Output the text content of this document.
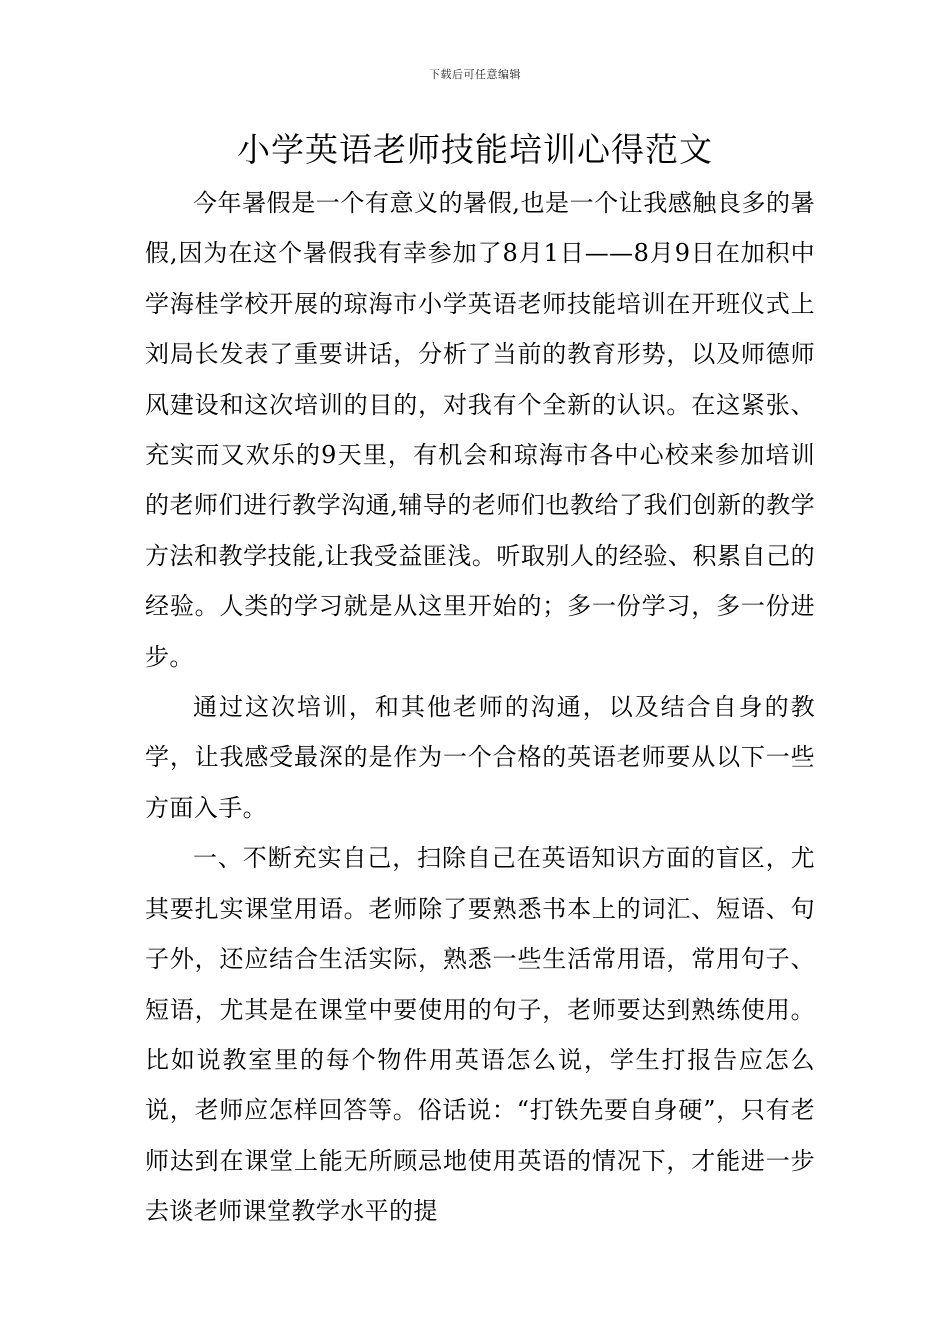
下载后可任意编辑
小学英语老师技能培训心得范文

今年暑假是一个有意义的暑假,也是一个让我感触良多的暑假,因为在这个暑假我有幸参加了8月1日——8月9日在加积中学海桂学校开展的琼海市小学英语老师技能培训在开班仪式上刘局长发表了重要讲话，分析了当前的教育形势，以及师德师风建设和这次培训的目的，对我有个全新的认识。在这紧张、充实而又欢乐的9天里，有机会和琼海市各中心校来参加培训的老师们进行教学沟通,辅导的老师们也教给了我们创新的教学方法和教学技能,让我受益匪浅。听取别人的经验、积累自己的经验。人类的学习就是从这里开始的；多一份学习，多一份进步。

通过这次培训，和其他老师的沟通，以及结合自身的教学，让我感受最深的是作为一个合格的英语老师要从以下一些方面入手。

一、不断充实自己，扫除自己在英语知识方面的盲区，尤其要扎实课堂用语。老师除了要熟悉书本上的词汇、短语、句子外，还应结合生活实际，熟悉一些生活常用语，常用句子、短语，尤其是在课堂中要使用的句子，老师要达到熟练使用。比如说教室里的每个物件用英语怎么说，学生打报告应怎么说，老师应怎样回答等。俗话说：“打铁先要自身硬”，只有老师达到在课堂上能无所顾忌地使用英语的情况下，才能进一步去谈老师课堂教学水平的提
